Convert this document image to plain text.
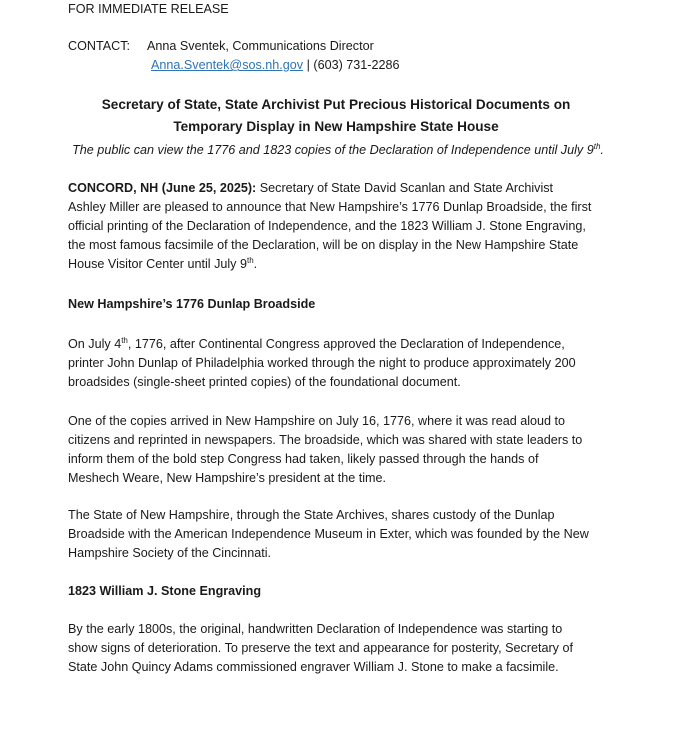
FOR IMMEDIATE RELEASE
CONTACT: Anna Sventek, Communications Director
Anna.Sventek@sos.nh.gov | (603) 731-2286
Secretary of State, State Archivist Put Precious Historical Documents on
Temporary Display in New Hampshire State House
The public can view the 1776 and 1823 copies of the Declaration of Independence until July 9th.

CONCORD, NH (June 25, 2025): Secretary of State David Scanlan and State Archivist Ashley Miller are pleased to announce that New Hampshire’s 1776 Dunlap Broadside, the first official printing of the Declaration of Independence, and the 1823 William J. Stone Engraving, the most famous facsimile of the Declaration, will be on display in the New Hampshire State House Visitor Center until July 9th.

New Hampshire’s 1776 Dunlap Broadside

On July 4th, 1776, after Continental Congress approved the Declaration of Independence, printer John Dunlap of Philadelphia worked through the night to produce approximately 200 broadsides (single-sheet printed copies) of the foundational document.

One of the copies arrived in New Hampshire on July 16, 1776, where it was read aloud to citizens and reprinted in newspapers. The broadside, which was shared with state leaders to inform them of the bold step Congress had taken, likely passed through the hands of Meshech Weare, New Hampshire’s president at the time.

The State of New Hampshire, through the State Archives, shares custody of the Dunlap Broadside with the American Independence Museum in Exter, which was founded by the New Hampshire Society of the Cincinnati.

1823 William J. Stone Engraving

By the early 1800s, the original, handwritten Declaration of Independence was starting to show signs of deterioration. To preserve the text and appearance for posterity, Secretary of State John Quincy Adams commissioned engraver William J. Stone to make a facsimile.
